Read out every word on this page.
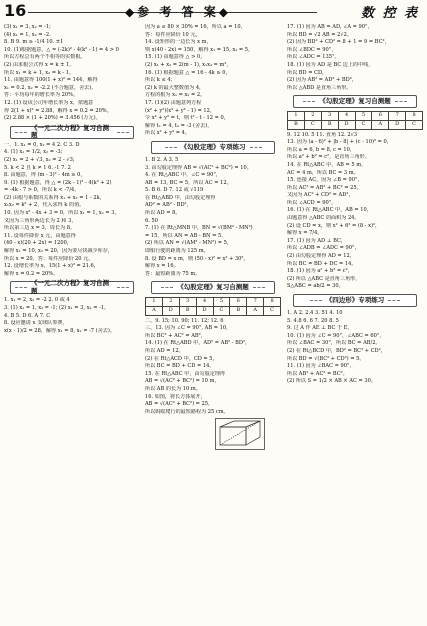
16	◆参 考 答 案◆	数 控 表
(3) x₁ = 3, x₂ = -1;
(4) x₁ = 1, x₂ = -2.
8. B 9. m ≥ -1/4 10. ±1
10. (1)根据题意，△ = (-2k)² - 4(k² - 1) = 4 > 0
所以方程总有两个不相等的实数根。
(2) 由求根公式得 x = k ± 1，
所以 x₁ = k + 1, x₂ = k - 1。
11. 由题意得 100(1 + x)² = 144，解得
x₁ = 0.2, x₂ = -2.2 (不合题意，舍去)。
答：平均每年的增长率为 20%。
12. (1) 设该公司年增长率为 x，依题意
得 2(1 + x)² = 2.88，解得 x = 0.2 = 20%。
(2) 2.88 × (1 + 20%) = 3.456 (万元)。
《一元二次方程》复习自测题
一、1. x₁ = 0, x₂ = 4 2. C 3. D
4. (1) x₁ = 1/2, x₂ = -3;
(2) x₁ = 2 + √3, x₂ = 2 - √3;
5. k < 2 且 k ≠ 1 6. -1 7. 2
8. 由题意，得 (m - 3)² - 4m ≥ 0，
9. (1) 根据题意，得 △ = (2k - 1)² - 4(k² + 2)
= -4k - 7 > 0，所以 k < -7/4。
(2) 由根与系数的关系得 x₁ + x₂ = 1 - 2k，
x₁x₂ = k² + 2，代入求得 k 的值。
10. 因为 x² - 4x + 3 = 0，所以 x₁ = 1, x₂ = 3，
又因为三角形两边长为 2 和 3，
所以第三边 x = 3，周长为 8。
11. 设每件降价 x 元，由题意得
(40 - x)(20 + 2x) = 1200，
解得 x₁ = 10, x₂ = 20，因为要尽快减少库存，
所以 x = 20。答：每件应降价 20 元。
12. 设增长率为 x，15(1 + x)² = 21.6，
解得 x = 0.2 = 20%。
《一元二次方程》复习自测题
1. x₁ = 2, x₂ = -2 2. 0 或 4
3. (1) x₁ = 1, x₂ = -1; (2) x₁ = 3, x₂ = -1。
4. B 5. D 6. A 7. C
8. 设应邀请 x 支球队参赛，
x(x - 1)/2 = 28，解得 x₁ = 8, x₂ = -7 (舍去)。
因为 a ≤ 80 × 30% = 16，所以 a = 10，
答：每件应降价 10 元。
14. 设矩形的一边长为 x m，
则 x(40 - 2x) = 150，解得 x₁ = 15, x₂ = 5。
15. (1) 由题意得 △ > 0，
(2) x₁ + x₂ = 2(m - 1), x₁x₂ = m²，
16. (1) 根据题意 △ = 16 - 4k ≥ 0，
所以 k ≤ 4；
(2) k 的最大整数值为 4，
方程的根为 x₁ = x₂ = 2。
17. (1)(2) 由题意列方程
(x² + y²)(x² + y² - 1) = 12，
令 x² + y² = t，则 t² - t - 12 = 0，
解得 t₁ = 4, t₂ = -3 (舍去)，
所以 x² + y² = 4。
《勾股定理》专项练习
1. B 2. A 3. 5
3. 由勾股定理得 AB = √(AC² + BC²) = 10。
4. 在 Rt△ABC 中，∠C = 90°，
AB = 13, BC = 5，所以 AC = 12。
5. B 6. D 7. 12 或 √119
在 Rt△ABD 中，由勾股定理得
AD² = AB² - BD²，
所以 AD = 8。
6. 50
7. (1) 在 Rt△MNB 中，BN = √(BM² - MN²)
= 15，所以 AN = AB - BN = 5，
(2) 所以 AN = √(AM² - MN²) = 5，
即船行驶的距离为 125 m。
8. 设 BD = x m，则 (50 - x)² = x² + 30²，
解得 x = 16。
答：最短距离为 75 m。
《勾股定理》复习自测题
1	2	3	4	5	6	7	8
A	D	B	D	C	B	A	C
二、9. 15; 10. 90; 11. 12; 12. 6
三、13. 因为 ∠C = 90°, AB = 10,
所以 BC² + AC² = AB²，
14. (1) 在 Rt△ABD 中，AD² = AB² - BD²，
所以 AD = 12。
(2) 在 Rt△ACD 中，CD = 5，
所以 BC = BD + CD = 14。
15. 在 Rt△ABC 中，由勾股定理得
AB = √(AC² + BC²) = 10 m，
所以 AB 的长为 10 m。
16. 如图，将长方体展开，
AB = √(AC² + BC²) = 25，
所以蚂蚁爬行的最短路程为 25 cm。
17. (1) 因为 AB = AD, ∠A = 90°，
所以 BD = √2 AB = 2√2。
(2) 因为 BD² + CD² = 8 + 1 = 9 = BC²，
所以 ∠BDC = 90°，
所以 ∠ADC = 135°。
18. (1) 因为 AD 是 BC 边上的中线，
所以 BD = CD，
(2) 因为 AB² = AD² + BD²，
所以 △ABD 是直角三角形。
《勾股定理》复习自测题
1	2	3	4	5	6	7	8
B	C	B	D	C	A	D	C
9. 12 10. 5 11. 直角 12. 2√3
13. 因为 (a - 6)² + |b - 8| + (c - 10)² = 0，
所以 a = 6, b = 8, c = 10，
所以 a² + b² = c²，是直角三角形。
14. 在 Rt△ABC 中，AB = 5 m，
AC = 4 m，所以 BC = 3 m。
15. 连接 AC，因为 ∠B = 90°，
所以 AC² = AB² + BC² = 25，
又因为 AC² + CD² = AD²，
所以 ∠ACD = 90°。
16. (1) 在 Rt△ABC 中，AB = 10，
由题意得 △ABC 的面积为 24。
(2) 设 CD = x，则 x² + 6² = (8 - x)²，
解得 x = 7/4。
17. (1) 因为 AD ⊥ BC，
所以 ∠ADB = ∠ADC = 90°，
(2) 由勾股定理得 AD = 12，
所以 BC = BD + DC = 14。
18. (1) 因为 a² + b² = c²，
(2) 所以 △ABC 是直角三角形，
S△ABC = ab/2 = 30。
《四边形》专项练习
1. A 2. 2.4 3. 51 4. 10
5. 4.8 6. 6 7. 20 8. 5
9. 过 A 作 AE ⊥ BC 于 E，
10. (1) 因为 ∠C = 90°，∠ABC = 60°，
所以 ∠BAC = 30°，所以 BC = AB/2。
(2) 在 Rt△BCD 中，BD² = BC² + CD²，
所以 BD = √(BC² + CD²) = 5。
11. (1) 因为 ∠BAC = 90°，
所以 AB² + AC² = BC²。
(2) 所以 S = 1/2 × AB × AC = 30。
